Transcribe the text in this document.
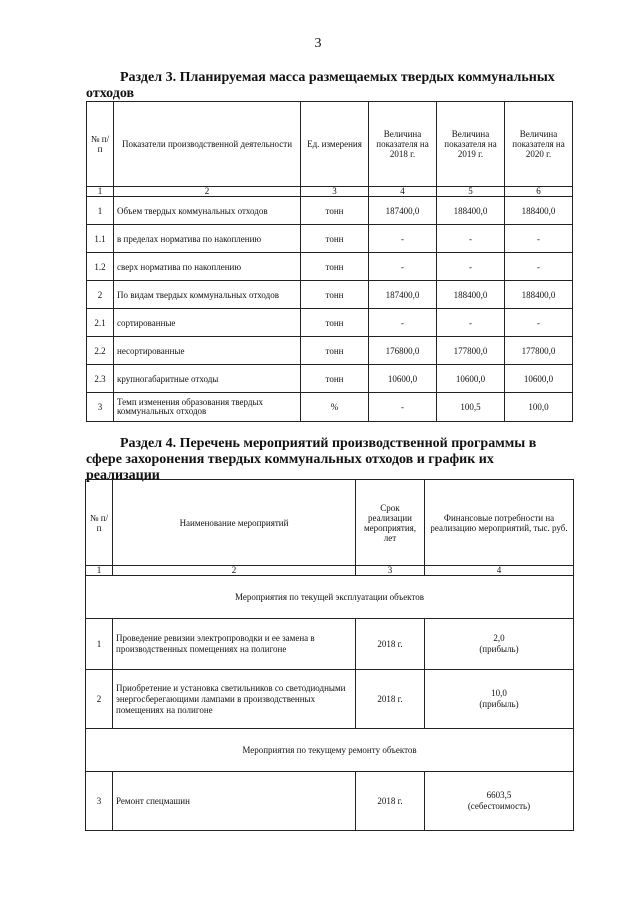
3
Раздел 3. Планируемая масса размещаемых твердых коммунальных
отходов
№ п/п	Показатели производственной деятельности	Ед. измерения	Величина показателя на 2018 г.	Величина показателя на 2019 г.	Величина показателя на 2020 г.
1	2	3	4	5	6
1	Объем твердых коммунальных отходов	тонн	187400,0	188400,0	188400,0
1.1	в пределах норматива по накоплению	тонн	-	-	-
1.2	сверх норматива по накоплению	тонн	-	-	-
2	По видам твердых коммунальных отходов	тонн	187400,0	188400,0	188400,0
2.1	сортированные	тонн	-	-	-
2.2	несортированные	тонн	176800,0	177800,0	177800,0
2.3	крупногабаритные отходы	тонн	10600,0	10600,0	10600,0
3	Темп изменения образования твердых коммунальных отходов	%	-	100,5	100,0
Раздел 4. Перечень мероприятий производственной программы в
сфере захоронения твердых коммунальных отходов и график их
реализации
№ п/п	Наименование мероприятий	Срок реализации мероприятия, лет	Финансовые потребности на реализацию мероприятий, тыс. руб.
1	2	3	4
Мероприятия по текущей эксплуатации объектов			
1	Проведение ревизии электропроводки и ее замена в производственных помещениях на полигоне	2018 г.	2,0
(прибыль)

2	Приобретение и установка светильников со светодиодными энергосберегающими лампами в производственных помещениях на полигоне	2018 г.	10,0
(прибыль)

Мероприятия по текущему ремонту объектов			
3	Ремонт спецмашин	2018 г.	6603,5
(себестоимость)
